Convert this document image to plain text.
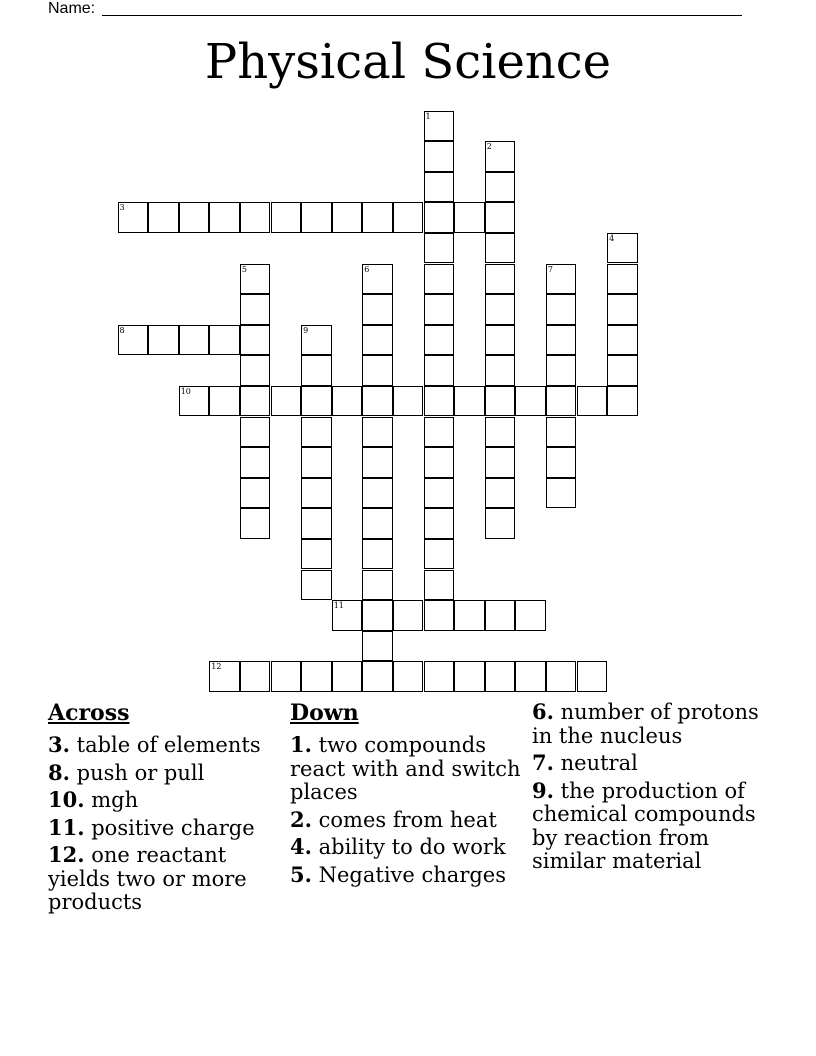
Name:
Physical Science
1
2
3
4
5	6	7
8	9
10
11
12
Across
3. table of elements
8. push or pull
10. mgh
11. positive charge
12. one reactant yields two or more products
Down
1. two compounds react with and switch places
2. comes from heat
4. ability to do work
5. Negative charges
6. number of protons in the nucleus
7. neutral
9. the production of chemical compounds by reaction from similar material
